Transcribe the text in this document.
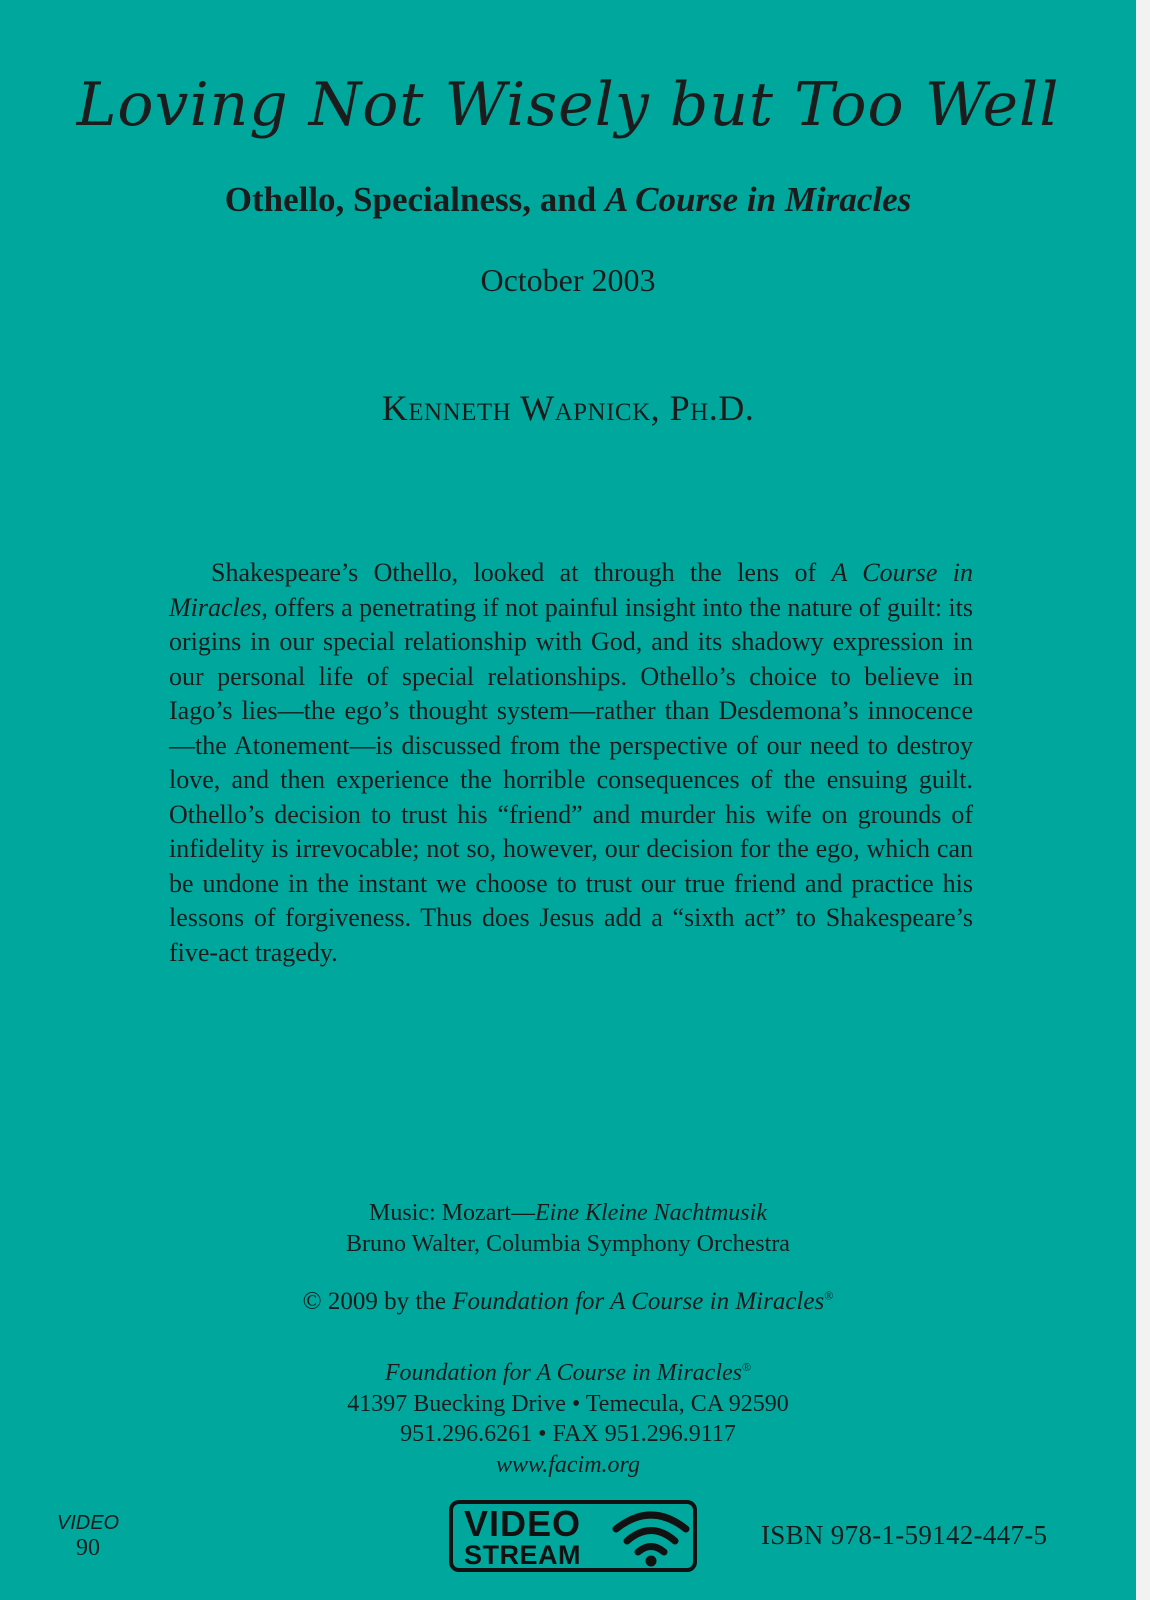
Loving Not Wisely but Too Well
Othello, Specialness, and A Course in Miracles
October 2003
Kenneth Wapnick, Ph.D.

Shakespeare’s Othello, looked at through the lens of A Course in Miracles, offers a penetrating if not painful insight into the nature of guilt: its origins in our special relationship with God, and its shadowy expression in our personal life of special relationships. Othello’s choice to believe in Iago’s lies—the ego’s thought system—rather than Desdemona’s innocence—the Atonement—is discussed from the perspective of our need to destroy love, and then experience the horrible consequences of the ensuing guilt. Othello’s decision to trust his “friend” and murder his wife on grounds of infidelity is irrevocable; not so, however, our decision for the ego, which can be undone in the instant we choose to trust our true friend and practice his lessons of forgiveness. Thus does Jesus add a “sixth act” to Shakespeare’s five-act tragedy.

Music: Mozart—Eine Kleine Nachtmusik
Bruno Walter, Columbia Symphony Orchestra
© 2009 by the Foundation for A Course in Miracles®
Foundation for A Course in Miracles®
41397 Buecking Drive • Temecula, CA 92590
951.296.6261 • FAX 951.296.9117
www.facim.org
VIDEO
90
VIDEO
STREAM
ISBN 978-1-59142-447-5
